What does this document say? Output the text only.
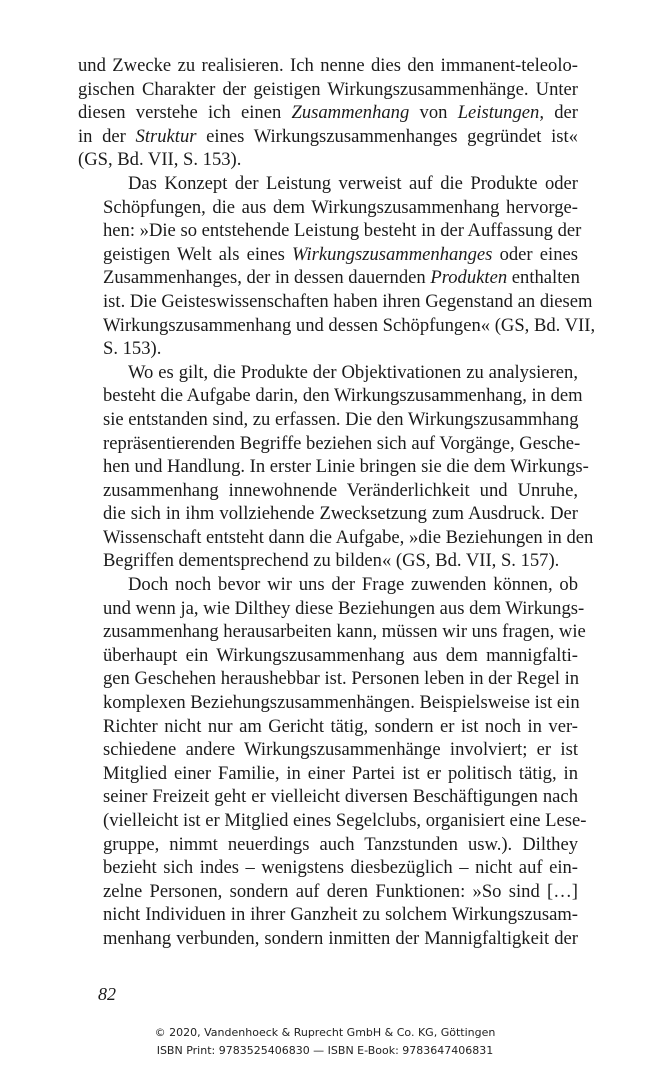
und Zwecke zu realisieren. Ich nenne dies den immanent-teleolo-
gischen Charakter der geistigen Wirkungszusammenhänge. Unter
diesen verstehe ich einen Zusammenhang von Leistungen, der
in der Struktur eines Wirkungszusammenhanges gegründet ist«
(GS, Bd. VII, S. 153).
Das Konzept der Leistung verweist auf die Produkte oder
Schöpfungen, die aus dem Wirkungszusammenhang hervorge-
hen: »Die so entstehende Leistung besteht in der Auffassung der
geistigen Welt als eines Wirkungszusammenhanges oder eines
Zusammenhanges, der in dessen dauernden Produkten enthalten
ist. Die Geisteswissenschaften haben ihren Gegenstand an diesem
Wirkungszusammenhang und dessen Schöpfungen« (GS, Bd. VII,
S. 153).
Wo es gilt, die Produkte der Objektivationen zu analysieren,
besteht die Aufgabe darin, den Wirkungszusammenhang, in dem
sie entstanden sind, zu erfassen. Die den Wirkungszusammhang
repräsentierenden Begriffe beziehen sich auf Vorgänge, Gesche-
hen und Handlung. In erster Linie bringen sie die dem Wirkungs-
zusammenhang innewohnende Veränderlichkeit und Unruhe,
die sich in ihm vollziehende Zwecksetzung zum Ausdruck. Der
Wissenschaft entsteht dann die Aufgabe, »die Beziehungen in den
Begriffen dementsprechend zu bilden« (GS, Bd. VII, S. 157).
Doch noch bevor wir uns der Frage zuwenden können, ob
und wenn ja, wie Dilthey diese Beziehungen aus dem Wirkungs-
zusammenhang herausarbeiten kann, müssen wir uns fragen, wie
überhaupt ein Wirkungszusammenhang aus dem mannigfalti-
gen Geschehen heraushebbar ist. Personen leben in der Regel in
komplexen Beziehungszusammenhängen. Beispielsweise ist ein
Richter nicht nur am Gericht tätig, sondern er ist noch in ver-
schiedene andere Wirkungszusammenhänge involviert; er ist
Mitglied einer Familie, in einer Partei ist er politisch tätig, in
seiner Freizeit geht er vielleicht diversen Beschäftigungen nach
(vielleicht ist er Mitglied eines Segelclubs, organisiert eine Lese-
gruppe, nimmt neuerdings auch Tanzstunden usw.). Dilthey
bezieht sich indes – wenigstens diesbezüglich – nicht auf ein-
zelne Personen, sondern auf deren Funktionen: »So sind […]
nicht Individuen in ihrer Ganzheit zu solchem Wirkungszusam-
menhang verbunden, sondern inmitten der Mannigfaltigkeit der
82
© 2020, Vandenhoeck & Ruprecht GmbH & Co. KG, Göttingen
ISBN Print: 9783525406830 — ISBN E-Book: 9783647406831
